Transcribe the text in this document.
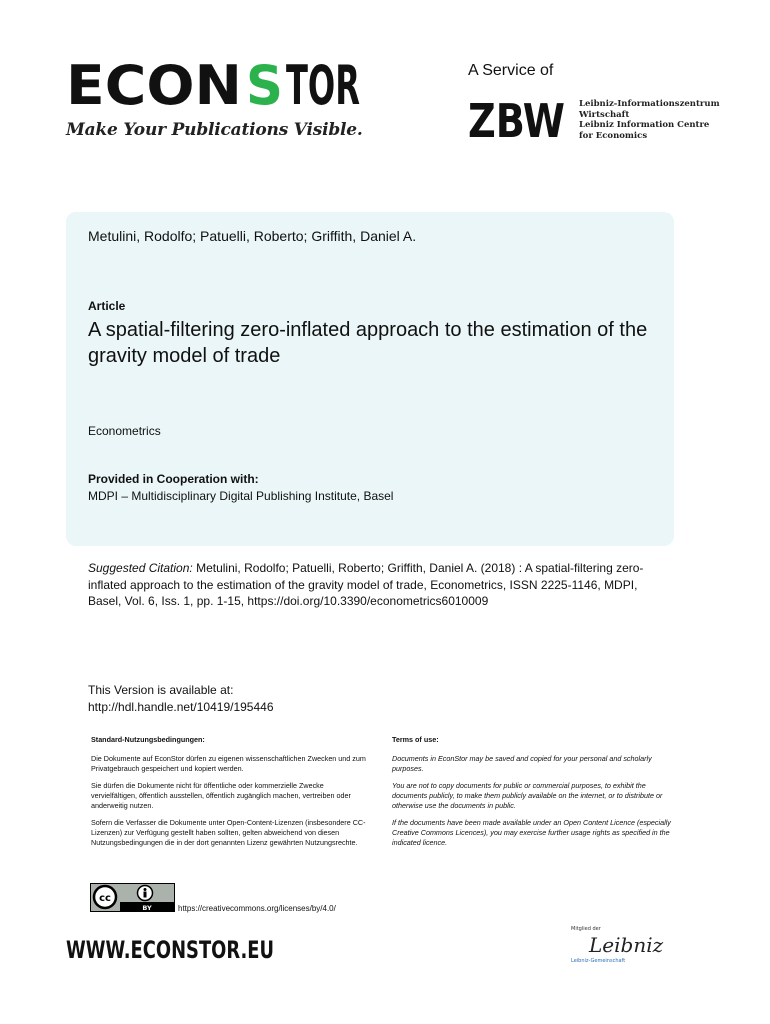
ECON S TOR
Make Your Publications Visible.
A Service of
ZBW Leibniz-Informationszentrum
Wirtschaft
Leibniz Information Centre
for Economics
Metulini, Rodolfo; Patuelli, Roberto; Griffith, Daniel A.
Article
A spatial-filtering zero-inflated approach to the estimation of the gravity model of trade
Econometrics
Provided in Cooperation with:
MDPI – Multidisciplinary Digital Publishing Institute, Basel
Suggested Citation: Metulini, Rodolfo; Patuelli, Roberto; Griffith, Daniel A. (2018) : A spatial-filtering zero-inflated approach to the estimation of the gravity model of trade, Econometrics, ISSN 2225-1146, MDPI, Basel, Vol. 6, Iss. 1, pp. 1-15, https://doi.org/10.3390/econometrics6010009
This Version is available at:
http://hdl.handle.net/10419/195446
Standard-Nutzungsbedingungen:

Die Dokumente auf EconStor dürfen zu eigenen wissenschaftlichen Zwecken und zum Privatgebrauch gespeichert und kopiert werden.

Sie dürfen die Dokumente nicht für öffentliche oder kommerzielle Zwecke vervielfältigen, öffentlich ausstellen, öffentlich zugänglich machen, vertreiben oder anderweitig nutzen.

Sofern die Verfasser die Dokumente unter Open-Content-Lizenzen (insbesondere CC-Lizenzen) zur Verfügung gestellt haben sollten, gelten abweichend von diesen Nutzungsbedingungen die in der dort genannten Lizenz gewährten Nutzungsrechte.

Terms of use:

Documents in EconStor may be saved and copied for your personal and scholarly purposes.

You are not to copy documents for public or commercial purposes, to exhibit the documents publicly, to make them publicly available on the internet, or to distribute or otherwise use the documents in public.

If the documents have been made available under an Open Content Licence (especially Creative Commons Licences), you may exercise further usage rights as specified in the indicated licence.

cc
BY	https://creativecommons.org/licenses/by/4.0/
WWW.ECONSTOR.EU
Mitglied der
Leibniz
Leibniz-Gemeinschaft
